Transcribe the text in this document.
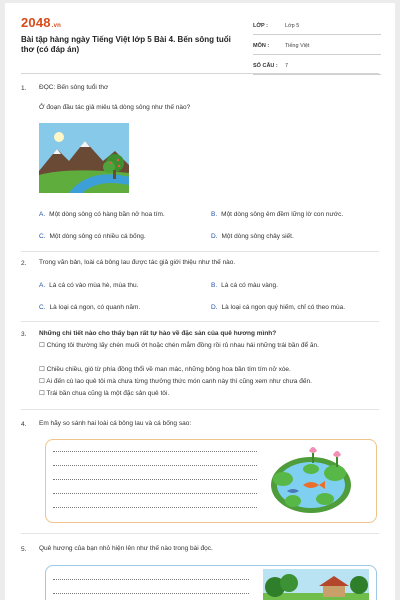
2048.vn
Bài tập hàng ngày Tiếng Việt lớp 5 Bài 4. Bến sông tuổi thơ (có đáp án)
LỚP :	Lớp 5
MÔN :	Tiếng Việt
SỐ CÂU : 7
1. ĐỌC: Bến sông tuổi thơ
Ở đoạn đầu tác giả miêu tả dòng sông như thế nào?
A. Một dòng sông có hàng bần nở hoa tím.	B. Một dòng sông êm đềm lững lờ con nước.
C. Một dòng sông có nhiều cá bống.	D. Một dòng sông chảy siết.
2. Trong văn bản, loài cá bông lau được tác giả giới thiệu như thế nào.
A. Là cá có vào mùa hè, mùa thu.	B. Là cá có màu vàng.
C. Là loại cá ngon, có quanh năm.	D. Là loại cá ngon quý hiếm, chỉ có theo mùa.
3. Những chi tiết nào cho thấy bạn rất tự hào về đặc sản của quê hương mình?
☐ Chúng tôi thường lấy chén muối ớt hoặc chén mắm đồng rồi rủ nhau hái những trái bần để ăn.
☐ Chiều chiều, gió từ phía đồng thổi về man mác, những bông hoa bần tím tím nở xòe.
☐ Ai đến cù lao quê tôi mà chưa từng thưởng thức món canh này thì cũng xem như chưa đến.
☐ Trái bần chua cũng là một đặc sản quê tôi.
4. Em hãy so sánh hai loài cá bông lau và cá bống sao:
5. Quê hương của bạn nhỏ hiện lên như thế nào trong bài đọc.
